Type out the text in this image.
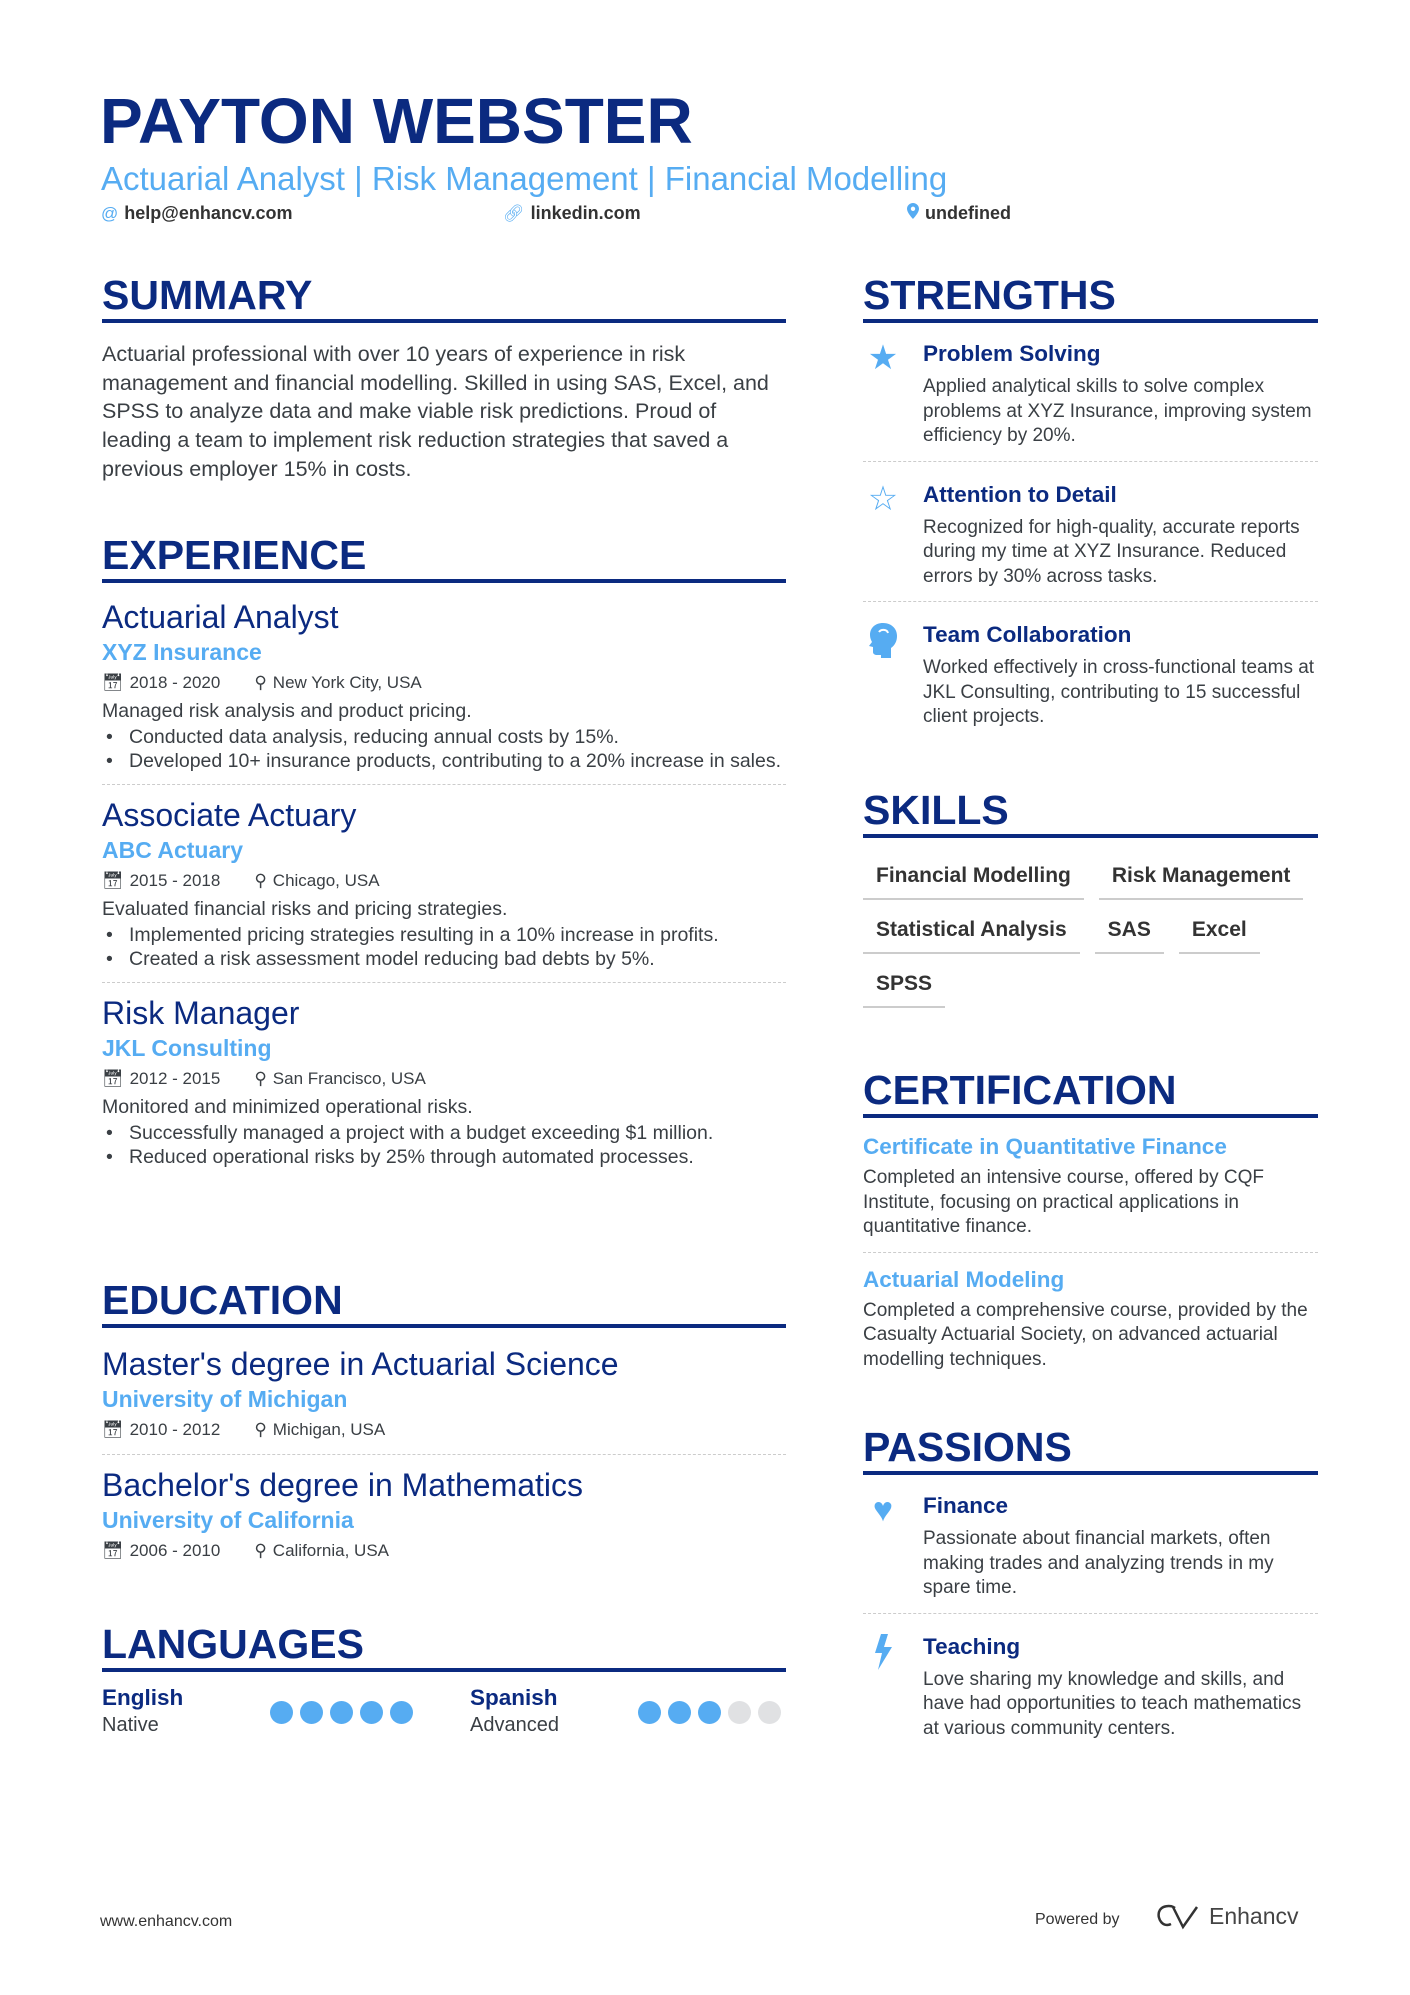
PAYTON WEBSTER
Actuarial Analyst | Risk Management | Financial Modelling
@ help@enhancv.com	🔗︎ linkedin.com	undefined
SUMMARY
Actuarial professional with over 10 years of experience in risk management and financial modelling. Skilled in using SAS, Excel, and SPSS to analyze data and make viable risk predictions. Proud of leading a team to implement risk reduction strategies that saved a previous employer 15% in costs.
EXPERIENCE
Actuarial Analyst
XYZ Insurance
📅︎ 2018 - 2020 ⚲ New York City, USA
Managed risk analysis and product pricing.
• Conducted data analysis, reducing annual costs by 15%.
• Developed 10+ insurance products, contributing to a 20% increase in sales.
Associate Actuary
ABC Actuary
📅︎ 2015 - 2018 ⚲ Chicago, USA
Evaluated financial risks and pricing strategies.
• Implemented pricing strategies resulting in a 10% increase in profits.
• Created a risk assessment model reducing bad debts by 5%.
Risk Manager
JKL Consulting
📅︎ 2012 - 2015 ⚲ San Francisco, USA
Monitored and minimized operational risks.
• Successfully managed a project with a budget exceeding $1 million.
• Reduced operational risks by 25% through automated processes.
EDUCATION
Master's degree in Actuarial Science
University of Michigan
📅︎ 2010 - 2012 ⚲ Michigan, USA
Bachelor's degree in Mathematics
University of California
📅︎ 2006 - 2010 ⚲ California, USA
LANGUAGES
English
Native
Spanish
Advanced
STRENGTHS
★ Problem Solving
Applied analytical skills to solve complex problems at XYZ Insurance, improving system efficiency by 20%.
☆ Attention to Detail
Recognized for high-quality, accurate reports during my time at XYZ Insurance. Reduced errors by 30% across tasks.
Team Collaboration
Worked effectively in cross-functional teams at JKL Consulting, contributing to 15 successful client projects.
SKILLS
Financial Modelling	Risk Management
Statistical Analysis	SAS	Excel
SPSS
CERTIFICATION
Certificate in Quantitative Finance
Completed an intensive course, offered by CQF Institute, focusing on practical applications in quantitative finance.
Actuarial Modeling
Completed a comprehensive course, provided by the Casualty Actuarial Society, on advanced actuarial modelling techniques.
PASSIONS
♥	Finance
Passionate about financial markets, often making trades and analyzing trends in my spare time.
Teaching
Love sharing my knowledge and skills, and have had opportunities to teach mathematics at various community centers.
www.enhancv.com	Powered by	Enhancv
